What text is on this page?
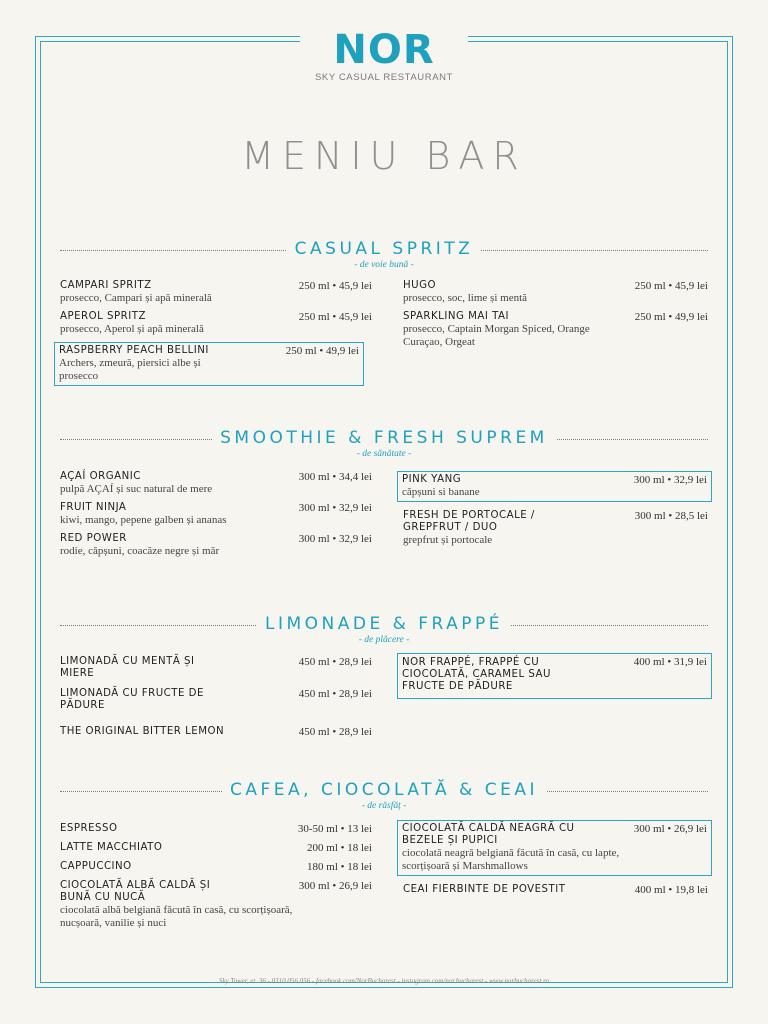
NOR
SKY CASUAL RESTAURANT
MENIU BAR
CASUAL SPRITZ
- de voie bună -
CAMPARI SPRITZ	250 ml • 45,9 lei
prosecco, Campari și apă minerală
APEROL SPRITZ	250 ml • 45,9 lei
prosecco, Aperol și apă minerală
RASPBERRY PEACH BELLINI	250 ml • 49,9 lei
Archers, zmeură, piersici albe și prosecco
HUGO	250 ml • 45,9 lei
prosecco, soc, lime și mentă
SPARKLING MAI TAI	250 ml • 49,9 lei
prosecco, Captain Morgan Spiced, Orange Curaçao, Orgeat
SMOOTHIE & FRESH SUPREM
- de sănătate -
AÇAÍ ORGANIC	300 ml • 34,4 lei
pulpă AÇAÍ și suc natural de mere
FRUIT NINJA	300 ml • 32,9 lei
kiwi, mango, pepene galben și ananas
RED POWER	300 ml • 32,9 lei
rodie, căpșuni, coacăze negre și măr
PINK YANG	300 ml • 32,9 lei
căpșuni si banane
FRESH DE PORTOCALE / GREPFRUT / DUO
300 ml • 28,5 lei
grepfrut și portocale
LIMONADE & FRAPPÉ
- de plăcere -
LIMONADĂ CU MENTĂ ȘI MIERE
450 ml • 28,9 lei
LIMONADĂ CU FRUCTE DE PĂDURE
450 ml • 28,9 lei
THE ORIGINAL BITTER LEMON	450 ml • 28,9 lei
NOR FRAPPÉ, FRAPPÉ CU CIOCOLATĂ, CARAMEL SAU FRUCTE DE PĂDURE
400 ml • 31,9 lei
CAFEA, CIOCOLATĂ & CEAI
- de răsfăț -
ESPRESSO	30-50 ml • 13 lei
LATTE MACCHIATO	200 ml • 18 lei
CAPPUCCINO	180 ml • 18 lei
CIOCOLATĂ ALBĂ CALDĂ ȘI BUNĂ CU NUCĂ
300 ml • 26,9 lei
ciocolată albă belgiană făcută în casă, cu scorțișoară, nucșoară, vanilie și nuci
CIOCOLATĂ CALDĂ NEAGRĂ CU BEZELE ȘI PUPICI
300 ml • 26,9 lei
ciocolată neagră belgiană făcută în casă, cu lapte, scorțișoară și Marshmallows
CEAI FIERBINTE DE POVESTIT	400 ml • 19,8 lei
Sky Tower, et. 36 - 0310 056 056 - facebook.com/NorBucharest - instagram.com/nor.bucharest - www.norbucharest.ro
